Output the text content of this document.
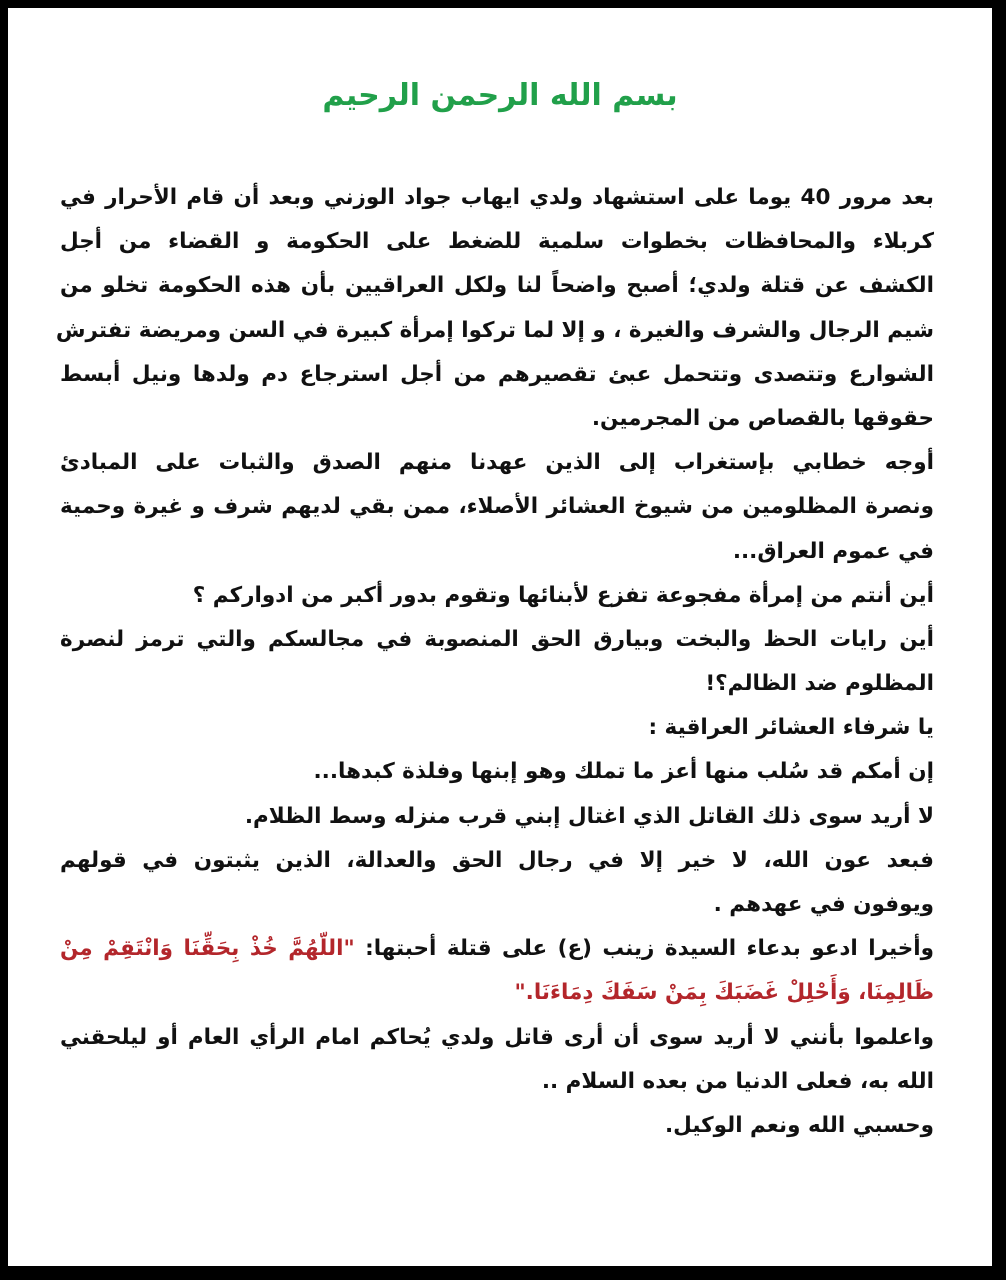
بسم الله الرحمن الرحيم
بعد مرور 40 يوما على استشهاد ولدي ايهاب جواد الوزني وبعد أن قام الأحرار في
كربلاء والمحافظات بخطوات سلمية للضغط على الحكومة و القضاء من أجل
الكشف عن قتلة ولدي؛ أصبح واضحاً لنا ولكل العراقيين بأن هذه الحكومة تخلو من
شيم الرجال والشرف والغيرة ، و إلا لما تركوا إمرأة كبيرة في السن ومريضة تفترش
الشوارع وتتصدى وتتحمل عبئ تقصيرهم من أجل استرجاع دم ولدها ونيل أبسط
حقوقها بالقصاص من المجرمين.
أوجه خطابي بإستغراب إلى الذين عهدنا منهم الصدق والثبات على المبادئ
ونصرة المظلومين من شيوخ العشائر الأصلاء، ممن بقي لديهم شرف و غيرة وحمية
في عموم العراق...
أين أنتم من إمرأة مفجوعة تفزع لأبنائها وتقوم بدور أكبر من ادواركم ؟
أين رايات الحظ والبخت وبيارق الحق المنصوبة في مجالسكم والتي ترمز لنصرة
المظلوم ضد الظالم؟!
يا شرفاء العشائر العراقية :
إن أمكم قد سُلب منها أعز ما تملك وهو إبنها وفلذة كبدها...
لا أريد سوى ذلك القاتل الذي اغتال إبني قرب منزله وسط الظلام.
فبعد عون الله، لا خير إلا في رجال الحق والعدالة، الذين يثبتون في قولهم
ويوفون في عهدهم .
وأخيرا ادعو بدعاء السيدة زينب (ع) على قتلة أحبتها: "اللّهُمَّ خُذْ بِحَقِّنَا وَانْتَقِمْ مِنْ
ظَالِمِنَا، وَأَحْلِلْ غَضَبَكَ بِمَنْ سَفَكَ دِمَاءَنَا."
واعلموا بأنني لا أريد سوى أن أرى قاتل ولدي يُحاكم امام الرأي العام أو ليلحقني
الله به، فعلى الدنيا من بعده السلام ..
وحسبي الله ونعم الوكيل.
